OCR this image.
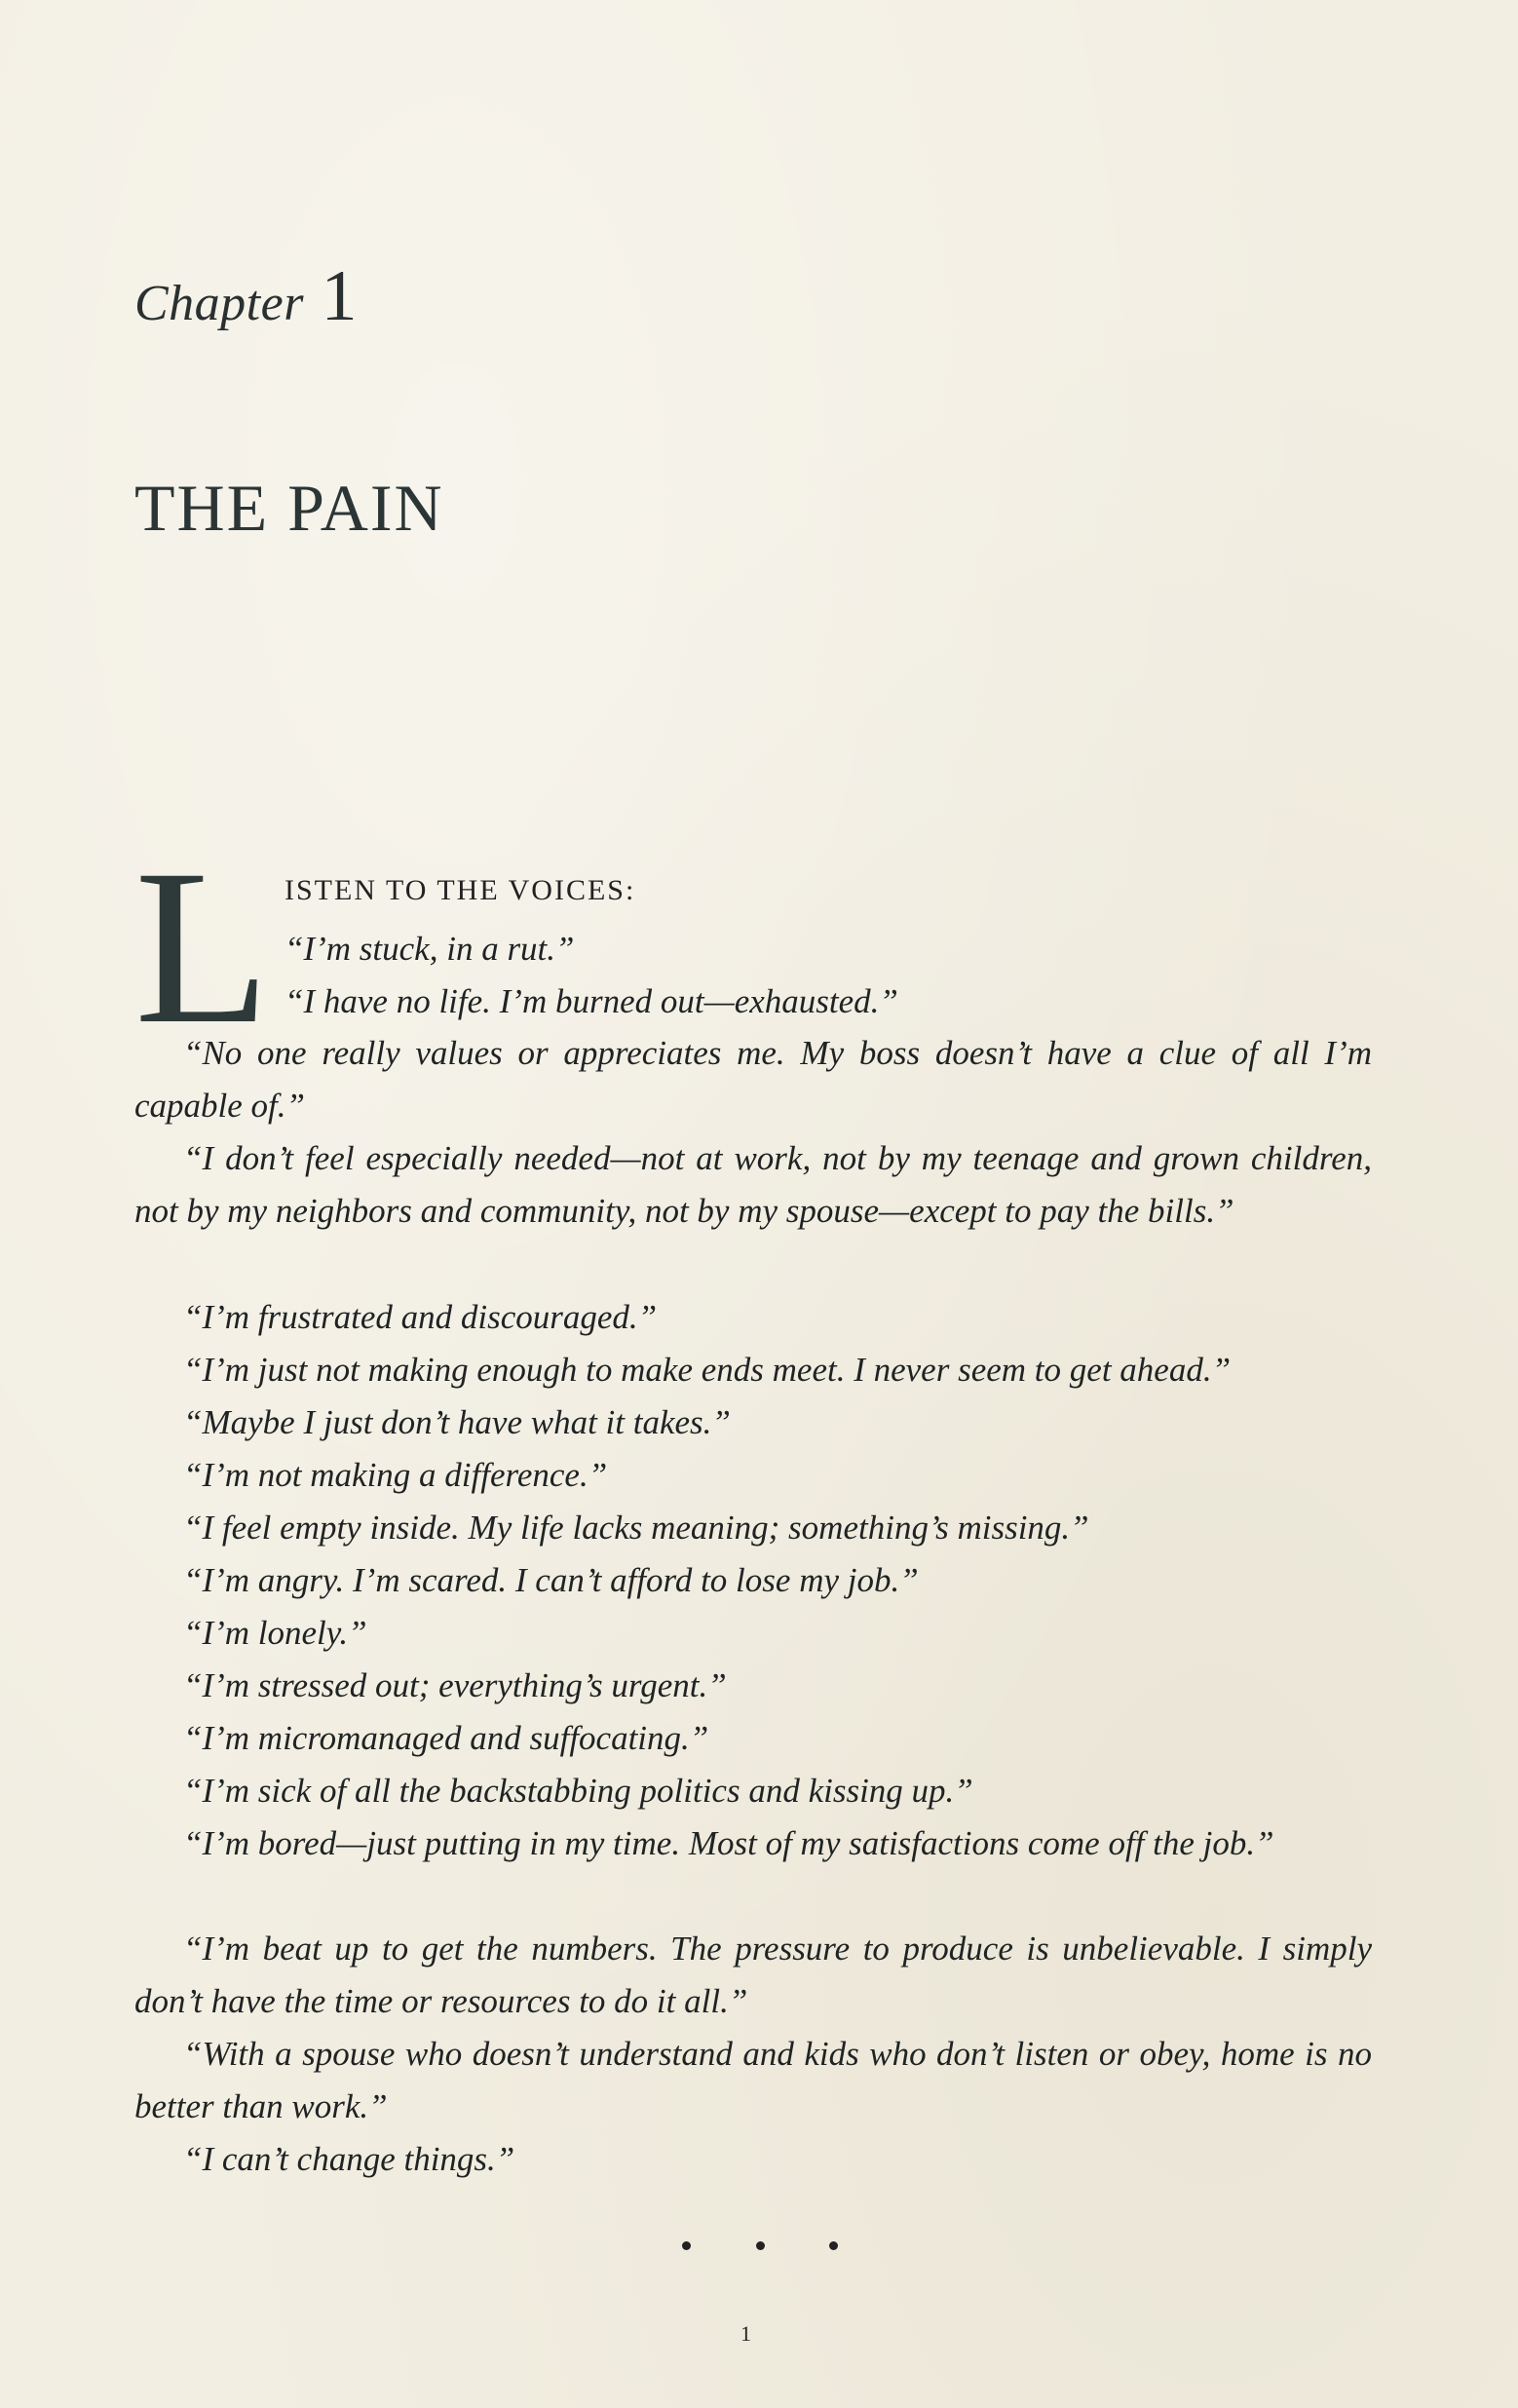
Chapter 1
THE PAIN
L ISTEN TO THE VOICES:

“I’m stuck, in a rut.”

“I have no life. I’m burned out—exhausted.”

“No one really values or appreciates me. My boss doesn’t have a clue of all I’m capable of.”

“I don’t feel especially needed—not at work, not by my teenage and grown children, not by my neighbors and community, not by my spouse—except to pay the bills.”

“I’m frustrated and discouraged.”

“I’m just not making enough to make ends meet. I never seem to get ahead.”

“Maybe I just don’t have what it takes.”

“I’m not making a difference.”

“I feel empty inside. My life lacks meaning; something’s missing.”

“I’m angry. I’m scared. I can’t afford to lose my job.”

“I’m lonely.”

“I’m stressed out; everything’s urgent.”

“I’m micromanaged and suffocating.”

“I’m sick of all the backstabbing politics and kissing up.”

“I’m bored—just putting in my time. Most of my satisfactions come off the job.”

“I’m beat up to get the numbers. The pressure to produce is unbelievable. I simply don’t have the time or resources to do it all.”

“With a spouse who doesn’t understand and kids who don’t listen or obey, home is no better than work.”

“I can’t change things.”

1
